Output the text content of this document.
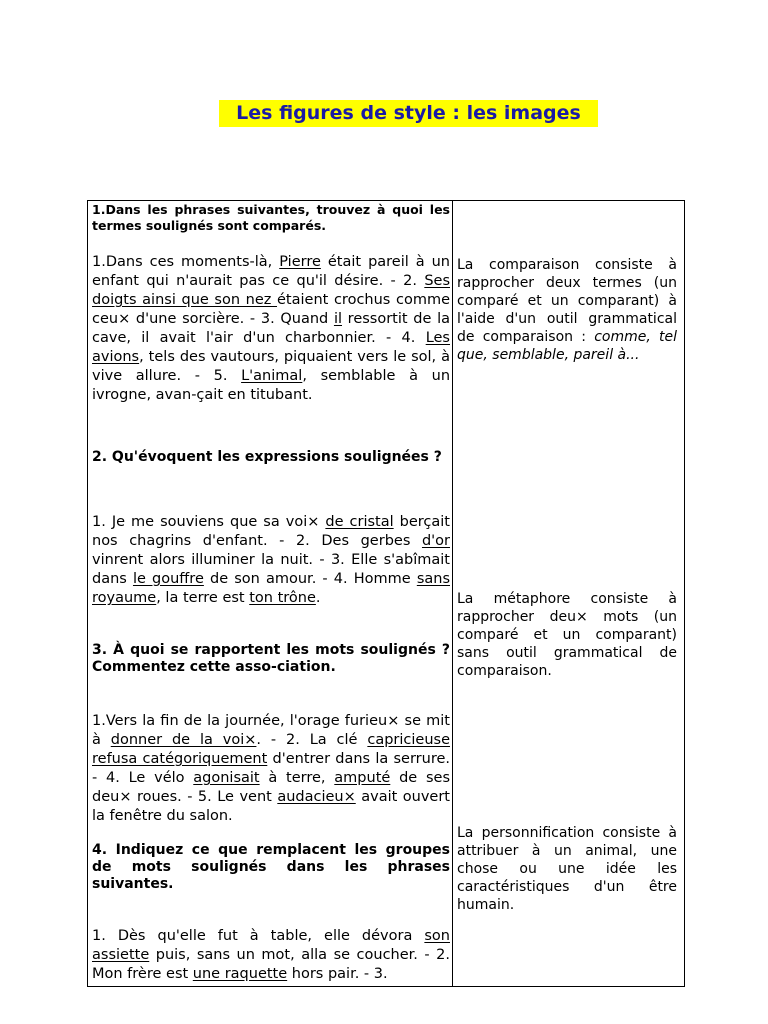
Les figures de style : les images
1.Dans les phrases suivantes, trouvez à quoi les termes soulignés sont comparés.
1.Dans ces moments-là, Pierre était pareil à un enfant qui n'aurait pas ce qu'il désire. - 2. Ses doigts ainsi que son nez étaient crochus comme ceu× d'une sorcière. - 3. Quand il ressortit de la cave, il avait l'air d'un charbonnier. - 4. Les avions, tels des vautours, piquaient vers le sol, à vive allure. - 5. L'animal, semblable à un ivrogne, avan-çait en titubant.
2. Qu'évoquent les expressions soulignées ?
1. Je me souviens que sa voi× de cristal berçait nos chagrins d'enfant. - 2. Des gerbes d'or vinrent alors illuminer la nuit. - 3. Elle s'abîmait dans le gouffre de son amour. - 4. Homme sans royaume, la terre est ton trône.
3. À quoi se rapportent les mots soulignés ? Commentez cette asso-ciation.
1.Vers la fin de la journée, l'orage furieu× se mit à donner de la voi×. - 2. La clé capricieuse refusa catégoriquement d'entrer dans la serrure. - 4. Le vélo agonisait à terre, amputé de ses deu× roues. - 5. Le vent audacieu× avait ouvert la fenêtre du salon.
4. Indiquez ce que remplacent les groupes de mots soulignés dans les phrases suivantes.
1. Dès qu'elle fut à table, elle dévora son assiette puis, sans un mot, alla se coucher. - 2. Mon frère est une raquette hors pair. - 3.
La comparaison consiste à rapprocher deux termes (un comparé et un comparant) à l'aide d'un outil grammatical de comparaison : comme, tel que, semblable, pareil à...
La métaphore consiste à rapprocher deu× mots (un comparé et un comparant) sans outil grammatical de comparaison.
La personnification consiste à attribuer à un animal, une chose ou une idée les caractéristiques d'un être humain.
